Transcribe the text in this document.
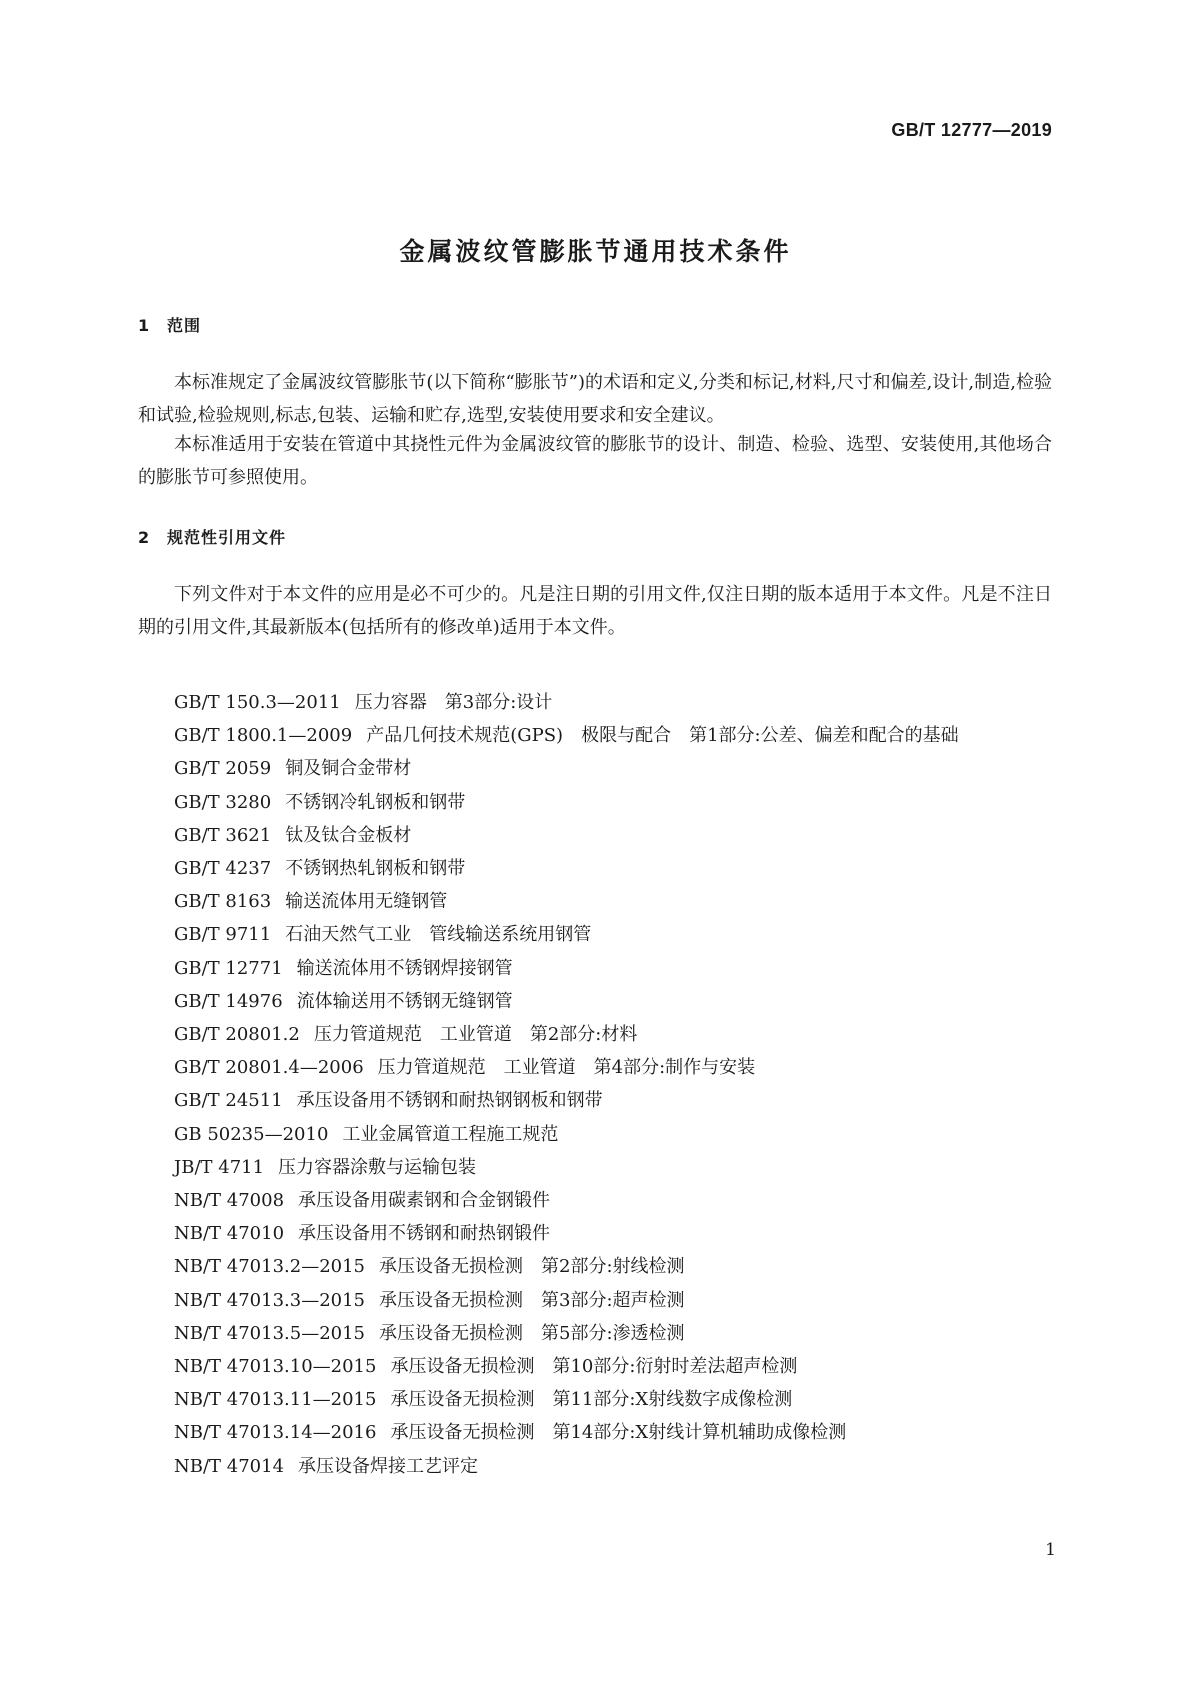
GB/T 12777—2019
金属波纹管膨胀节通用技术条件
1 范围

本标准规定了金属波纹管膨胀节(以下简称“膨胀节”)的术语和定义,分类和标记,材料,尺寸和偏差,设计,制造,检验和试验,检验规则,标志,包装、运输和贮存,选型,安装使用要求和安全建议。

本标准适用于安装在管道中其挠性元件为金属波纹管的膨胀节的设计、制造、检验、选型、安装使用,其他场合的膨胀节可参照使用。

2 规范性引用文件

下列文件对于本文件的应用是必不可少的。凡是注日期的引用文件,仅注日期的版本适用于本文件。凡是不注日期的引用文件,其最新版本(包括所有的修改单)适用于本文件。

GB/T 150.3—2011 压力容器　第3部分:设计
GB/T 1800.1—2009 产品几何技术规范(GPS)　极限与配合　第1部分:公差、偏差和配合的基础
GB/T 2059 铜及铜合金带材
GB/T 3280 不锈钢冷轧钢板和钢带
GB/T 3621 钛及钛合金板材
GB/T 4237 不锈钢热轧钢板和钢带
GB/T 8163 输送流体用无缝钢管
GB/T 9711 石油天然气工业　管线输送系统用钢管
GB/T 12771 输送流体用不锈钢焊接钢管
GB/T 14976 流体输送用不锈钢无缝钢管
GB/T 20801.2 压力管道规范　工业管道　第2部分:材料
GB/T 20801.4—2006 压力管道规范　工业管道　第4部分:制作与安装
GB/T 24511 承压设备用不锈钢和耐热钢钢板和钢带
GB 50235—2010 工业金属管道工程施工规范
JB/T 4711 压力容器涂敷与运输包装
NB/T 47008 承压设备用碳素钢和合金钢锻件
NB/T 47010 承压设备用不锈钢和耐热钢锻件
NB/T 47013.2—2015 承压设备无损检测　第2部分:射线检测
NB/T 47013.3—2015 承压设备无损检测　第3部分:超声检测
NB/T 47013.5—2015 承压设备无损检测　第5部分:渗透检测
NB/T 47013.10—2015 承压设备无损检测　第10部分:衍射时差法超声检测
NB/T 47013.11—2015 承压设备无损检测　第11部分:X射线数字成像检测
NB/T 47013.14—2016 承压设备无损检测　第14部分:X射线计算机辅助成像检测
NB/T 47014 承压设备焊接工艺评定
1
